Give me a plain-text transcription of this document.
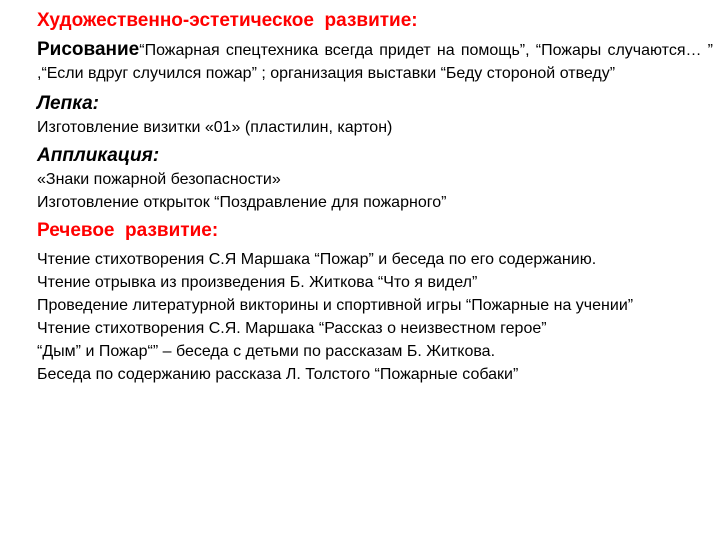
Художественно-эстетическое  развитие:

Рисование“Пожарная спецтехника всегда придет на помощь”, “Пожары случаются… ” ,“Если вдруг случился пожар” ; организация выставки “Беду стороной отведу”

Лепка:

Изготовление визитки «01» (пластилин, картон)

Аппликация:

«Знаки пожарной безопасности»

Изготовление открыток “Поздравление для пожарного”

Речевое  развитие:

Чтение стихотворения С.Я Маршака “Пожар” и беседа по его содержанию.

Чтение отрывка из произведения Б. Житкова “Что я видел”

Проведение литературной викторины и спортивной игры “Пожарные на учении”

Чтение стихотворения С.Я. Маршака “Рассказ о неизвестном герое”

“Дым” и Пожар“” – беседа с детьми по рассказам Б. Житкова.

Беседа по содержанию рассказа Л. Толстого “Пожарные собаки”
